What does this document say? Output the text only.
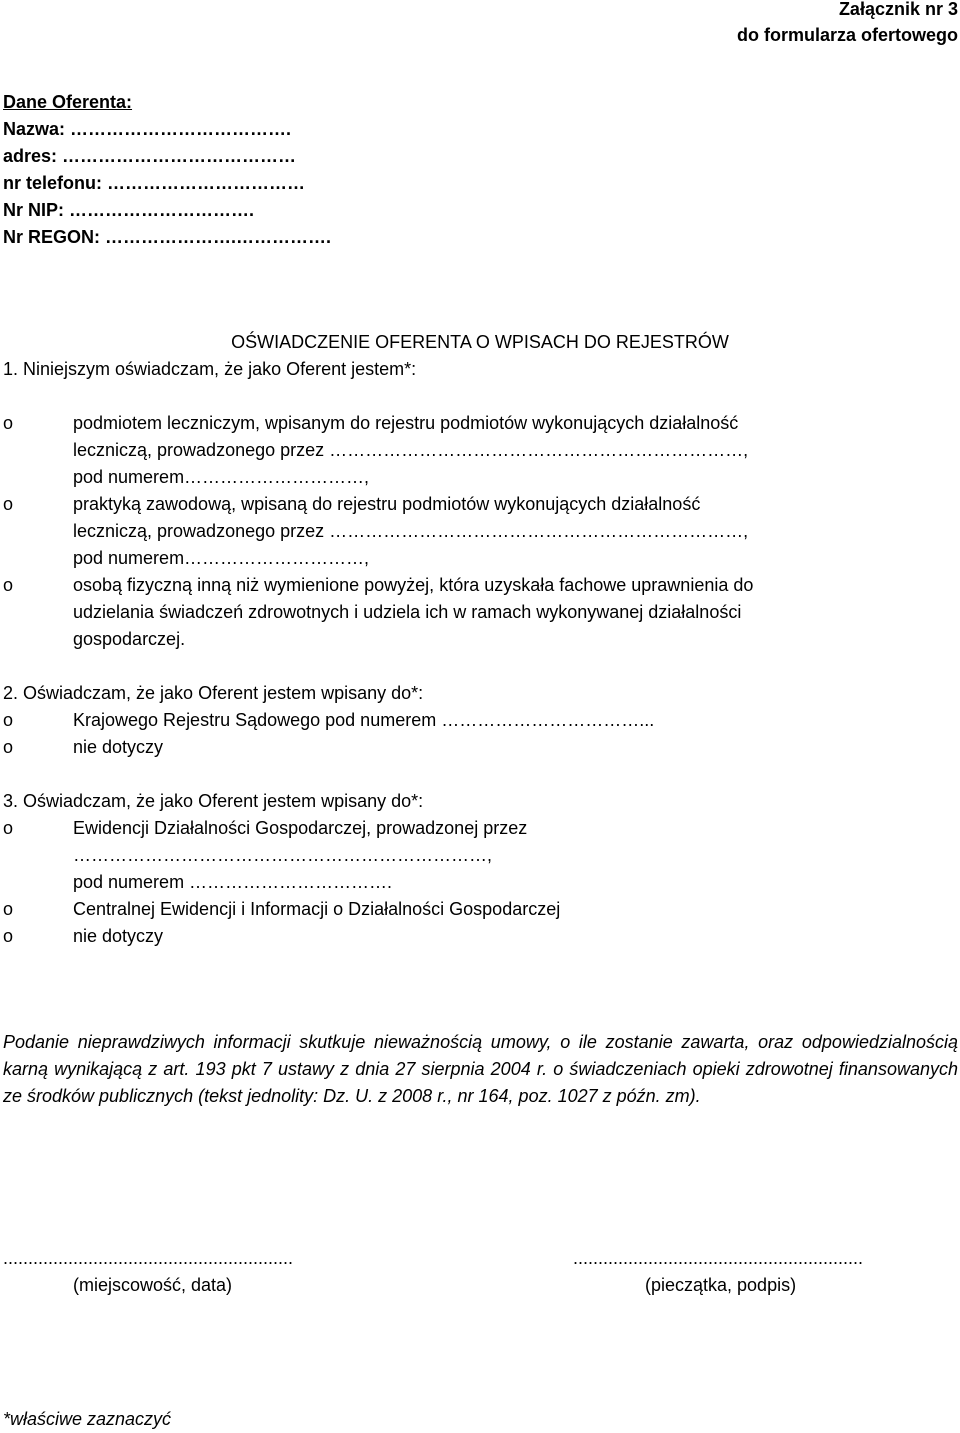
Załącznik nr 3
do formularza ofertowego
Dane Oferenta:
Nazwa: ……………………………….
adres: …………………………………
nr telefonu: ……………………………
Nr NIP: ………………………….
Nr REGON: ………………….…………….
OŚWIADCZENIE OFERENTA O WPISACH DO REJESTRÓW
1. Niniejszym oświadczam, że jako Oferent jestem*:
o	podmiotem leczniczym, wpisanym do rejestru podmiotów wykonujących działalność
leczniczą, prowadzonego przez ……………………………………………………………,
pod numerem…………………………,
o	praktyką zawodową, wpisaną do rejestru podmiotów wykonujących działalność
leczniczą, prowadzonego przez ……………………………………………………………,
pod numerem…………………………,
o	osobą fizyczną inną niż wymienione powyżej, która uzyskała fachowe uprawnienia do
udzielania świadczeń zdrowotnych i udziela ich w ramach wykonywanej działalności
gospodarczej.
2. Oświadczam, że jako Oferent jestem wpisany do*:
o	Krajowego Rejestru Sądowego pod numerem ……………………………...
o	nie dotyczy
3. Oświadczam, że jako Oferent jestem wpisany do*:
o	Ewidencji Działalności Gospodarczej, prowadzonej przez
……………………………………………………………,
pod numerem …………………………….
o	Centralnej Ewidencji i Informacji o Działalności Gospodarczej
o	nie dotyczy
Podanie nieprawdziwych informacji skutkuje nieważnością umowy, o ile zostanie zawarta, oraz odpowiedzialnością karną wynikającą z art. 193 pkt 7 ustawy z dnia 27 sierpnia 2004 r. o świadczeniach opieki zdrowotnej finansowanych ze środków publicznych (tekst jednolity: Dz. U. z 2008 r., nr 164, poz. 1027 z późn. zm).
..........................................................
(miejscowość, data)
..........................................................
(pieczątka, podpis)
*właściwe zaznaczyć
